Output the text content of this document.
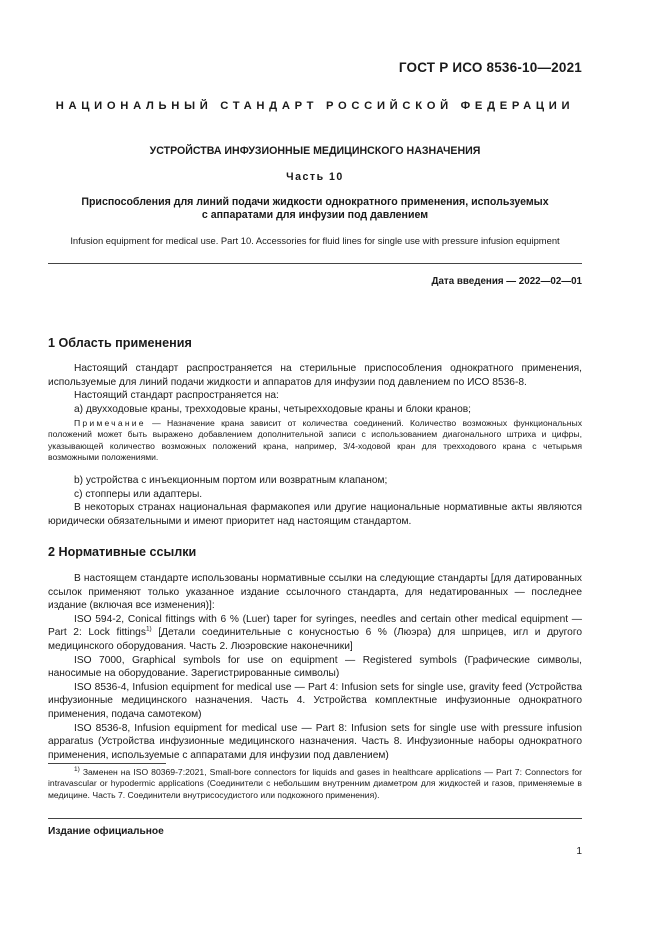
ГОСТ Р ИСО 8536-10—2021
НАЦИОНАЛЬНЫЙ СТАНДАРТ РОССИЙСКОЙ ФЕДЕРАЦИИ
УСТРОЙСТВА ИНФУЗИОННЫЕ МЕДИЦИНСКОГО НАЗНАЧЕНИЯ
Часть 10
Приспособления для линий подачи жидкости однократного применения, используемых
с аппаратами для инфузии под давлением
Infusion equipment for medical use. Part 10. Accessories for fluid lines for single use with pressure infusion equipment
Дата введения — 2022—02—01
1 Область применения

Настоящий стандарт распространяется на стерильные приспособления однократного применения, используемые для линий подачи жидкости и аппаратов для инфузии под давлением по ИСО 8536-8.

Настоящий стандарт распространяется на:

а) двухходовые краны, трехходовые краны, четырехходовые краны и блоки кранов;

Примечание — Назначение крана зависит от количества соединений. Количество возможных функциональных положений может быть выражено добавлением дополнительной записи с использованием диагонального штриха и цифры, указывающей количество возможных положений крана, например, 3/4-ходовой кран для трехходового крана с четырьмя возможными положениями.

b) устройства с инъекционным портом или возвратным клапаном;

с) стопперы или адаптеры.

В некоторых странах национальная фармакопея или другие национальные нормативные акты являются юридически обязательными и имеют приоритет над настоящим стандартом.

2 Нормативные ссылки

В настоящем стандарте использованы нормативные ссылки на следующие стандарты [для датированных ссылок применяют только указанное издание ссылочного стандарта, для недатированных — последнее издание (включая все изменения)]:

ISO 594-2, Conical fittings with 6 % (Luer) taper for syringes, needles and certain other medical equipment — Part 2: Lock fittings$^{1)}$ [Детали соединительные с конусностью 6 % (Люэра) для шприцев, игл и другого медицинского оборудования. Часть 2. Люэровские наконечники]

ISO 7000, Graphical symbols for use on equipment — Registered symbols (Графические символы, наносимые на оборудование. Зарегистрированные символы)

ISO 8536-4, Infusion equipment for medical use — Part 4: Infusion sets for single use, gravity feed (Устройства инфузионные медицинского назначения. Часть 4. Устройства комплектные инфузионные однократного применения, подача самотеком)

ISO 8536-8, Infusion equipment for medical use — Part 8: Infusion sets for single use with pressure infusion apparatus (Устройства инфузионные медицинского назначения. Часть 8. Инфузионные наборы однократного применения, используемые с аппаратами для инфузии под давлением)

$^{1)}$ Заменен на ISO 80369-7:2021, Small-bore connectors for liquids and gases in healthcare applications — Part 7: Connectors for intravascular or hypodermic applications (Соединители с небольшим внутренним диаметром для жидкостей и газов, применяемые в медицине. Часть 7. Соединители внутрисосудистого или подкожного применения).
Издание официальное
1
